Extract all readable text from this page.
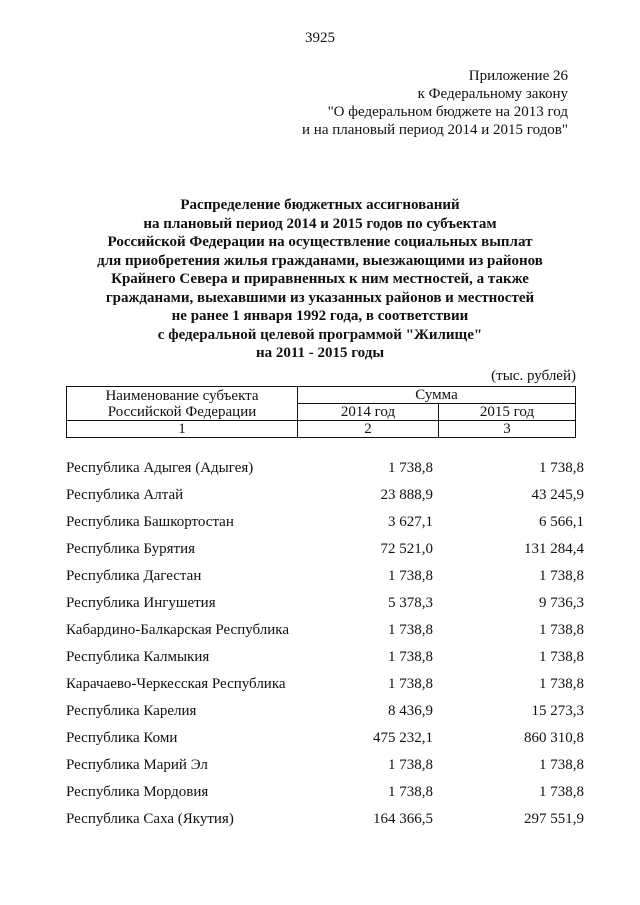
3925
Приложение 26
к Федеральному закону
"О федеральном бюджете на 2013 год
и на плановый период 2014 и 2015 годов"
Распределение бюджетных ассигнований
на плановый период 2014 и 2015 годов по субъектам
Российской Федерации на осуществление социальных выплат
для приобретения жилья гражданами, выезжающими из районов
Крайнего Севера и приравненных к ним местностей, а также
гражданами, выехавшими из указанных районов и местностей
не ранее 1 января 1992 года, в соответствии
с федеральной целевой программой "Жилище"
на 2011 - 2015 годы
(тыс. рублей)
Наименование субъекта
Российской Федерации	Сумма	
	2014 год	2015 год
1	2	3
Республика Адыгея (Адыгея)	1 738,8	1 738,8
Республика Алтай	23 888,9	43 245,9
Республика Башкортостан	3 627,1	6 566,1
Республика Бурятия	72 521,0	131 284,4
Республика Дагестан	1 738,8	1 738,8
Республика Ингушетия	5 378,3	9 736,3
Кабардино-Балкарская Республика	1 738,8	1 738,8
Республика Калмыкия	1 738,8	1 738,8
Карачаево-Черкесская Республика	1 738,8	1 738,8
Республика Карелия	8 436,9	15 273,3
Республика Коми	475 232,1	860 310,8
Республика Марий Эл	1 738,8	1 738,8
Республика Мордовия	1 738,8	1 738,8
Республика Саха (Якутия)	164 366,5	297 551,9
